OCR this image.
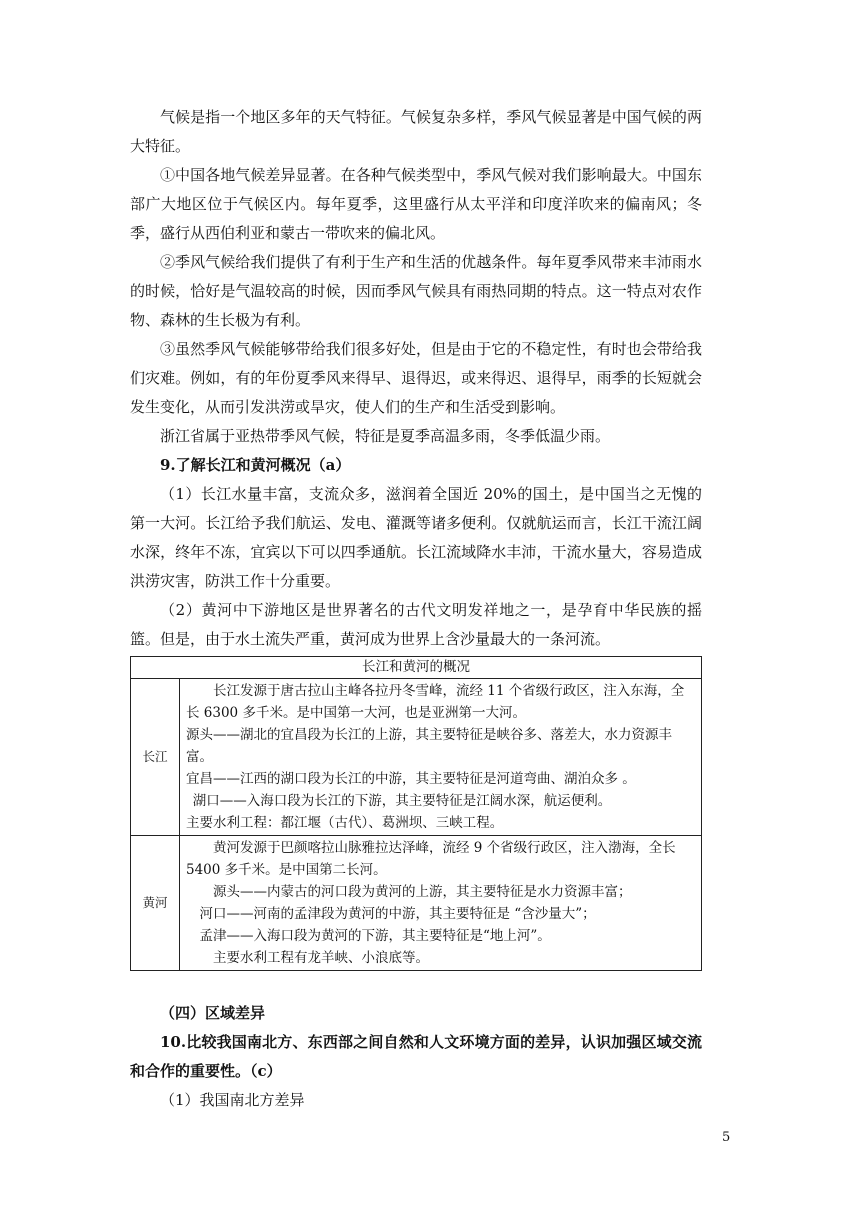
气候是指一个地区多年的天气特征。气候复杂多样，季风气候显著是中国气候的两大特征。

①中国各地气候差异显著。在各种气候类型中，季风气候对我们影响最大。中国东部广大地区位于气候区内。每年夏季，这里盛行从太平洋和印度洋吹来的偏南风；冬季，盛行从西伯利亚和蒙古一带吹来的偏北风。

②季风气候给我们提供了有利于生产和生活的优越条件。每年夏季风带来丰沛雨水的时候，恰好是气温较高的时候，因而季风气候具有雨热同期的特点。这一特点对农作物、森林的生长极为有利。

③虽然季风气候能够带给我们很多好处，但是由于它的不稳定性，有时也会带给我们灾难。例如，有的年份夏季风来得早、退得迟，或来得迟、退得早，雨季的长短就会发生变化，从而引发洪涝或旱灾，使人们的生产和生活受到影响。

浙江省属于亚热带季风气候，特征是夏季高温多雨，冬季低温少雨。

9.了解长江和黄河概况（a）

（1）长江水量丰富，支流众多，滋润着全国近 20%的国土，是中国当之无愧的第一大河。长江给予我们航运、发电、灌溉等诸多便利。仅就航运而言，长江干流江阔水深，终年不冻，宜宾以下可以四季通航。长江流域降水丰沛，干流水量大，容易造成洪涝灾害，防洪工作十分重要。

（2）黄河中下游地区是世界著名的古代文明发祥地之一，是孕育中华民族的摇篮。但是，由于水土流失严重，黄河成为世界上含沙量最大的一条河流。

长江和黄河的概况	
长江	长江发源于唐古拉山主峰各拉丹冬雪峰，流经 11 个省级行政区，注入东海，全长 6300 多千米。是中国第一大河，也是亚洲第一大河。
源头——湖北的宜昌段为长江的上游，其主要特征是峡谷多、落差大，水力资源丰富。
宜昌——江西的湖口段为长江的中游，其主要特征是河道弯曲、湖泊众多 。
湖口——入海口段为长江的下游，其主要特征是江阔水深，航运便利。
主要水利工程：都江堰（古代）、葛洲坝、三峡工程。

黄河	黄河发源于巴颜喀拉山脉雅拉达泽峰，流经 9 个省级行政区，注入渤海，全长 5400 多千米。是中国第二长河。
源头——内蒙古的河口段为黄河的上游，其主要特征是水力资源丰富；
河口——河南的孟津段为黄河的中游，其主要特征是 “含沙量大”；
孟津——入海口段为黄河的下游，其主要特征是“地上河”。
主要水利工程有龙羊峡、小浪底等。

（四）区域差异

10.比较我国南北方、东西部之间自然和人文环境方面的差异，认识加强区域交流和合作的重要性。（c）

（1）我国南北方差异

5
